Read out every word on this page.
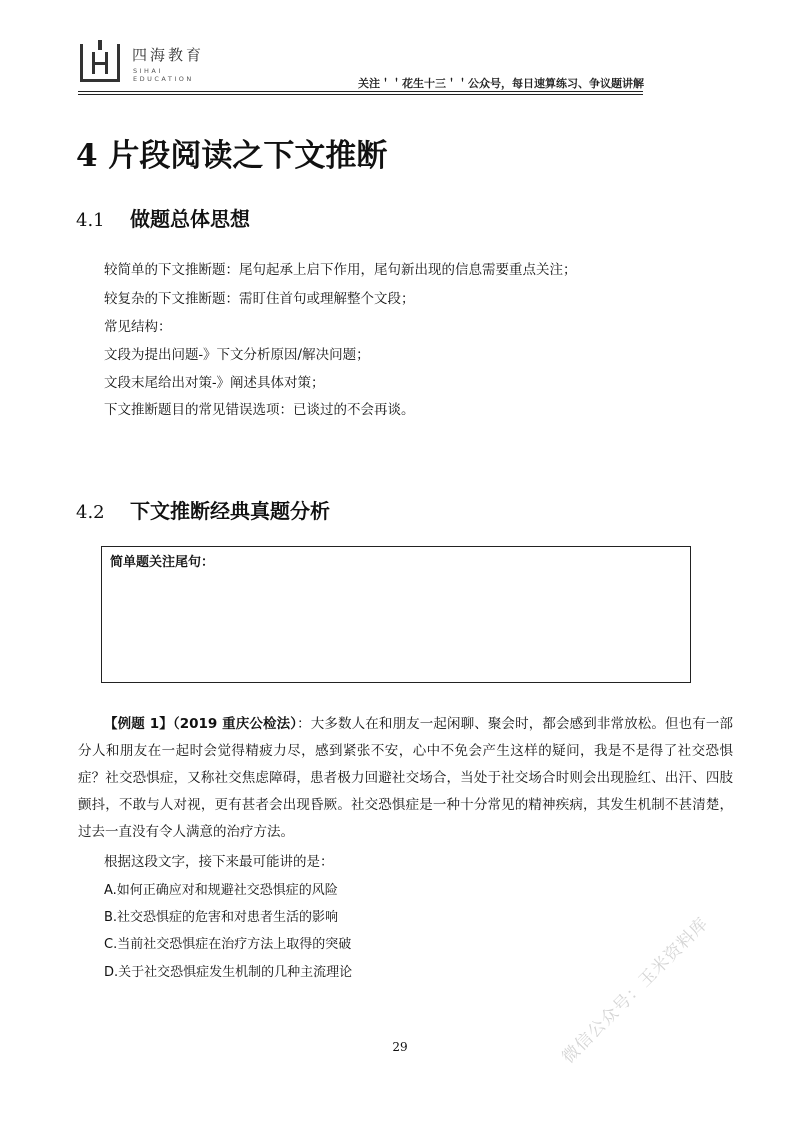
四海教育
SIHAI EDUCATION	关注＇＇花生十三＇＇公众号，每日速算练习、争议题讲解
4 片段阅读之下文推断
4.1 做题总体思想
较简单的下文推断题：尾句起承上启下作用，尾句新出现的信息需要重点关注；
较复杂的下文推断题：需盯住首句或理解整个文段；
常见结构：
文段为提出问题-》下文分析原因/解决问题；
文段末尾给出对策-》阐述具体对策；
下文推断题目的常见错误选项：已谈过的不会再谈。
4.2 下文推断经典真题分析
简单题关注尾句：
【例题 1】（2019 重庆公检法）：大多数人在和朋友一起闲聊、聚会时，都会感到非常放松。但也有一部分人和朋友在一起时会觉得精疲力尽，感到紧张不安，心中不免会产生这样的疑问，我是不是得了社交恐惧症？社交恐惧症，又称社交焦虑障碍，患者极力回避社交场合，当处于社交场合时则会出现脸红、出汗、四肢颤抖，不敢与人对视，更有甚者会出现昏厥。社交恐惧症是一种十分常见的精神疾病，其发生机制不甚清楚，过去一直没有令人满意的治疗方法。
根据这段文字，接下来最可能讲的是：
A.如何正确应对和规避社交恐惧症的风险
B.社交恐惧症的危害和对患者生活的影响
C.当前社交恐惧症在治疗方法上取得的突破
D.关于社交恐惧症发生机制的几种主流理论
29	微信公众号：玉米资料库
